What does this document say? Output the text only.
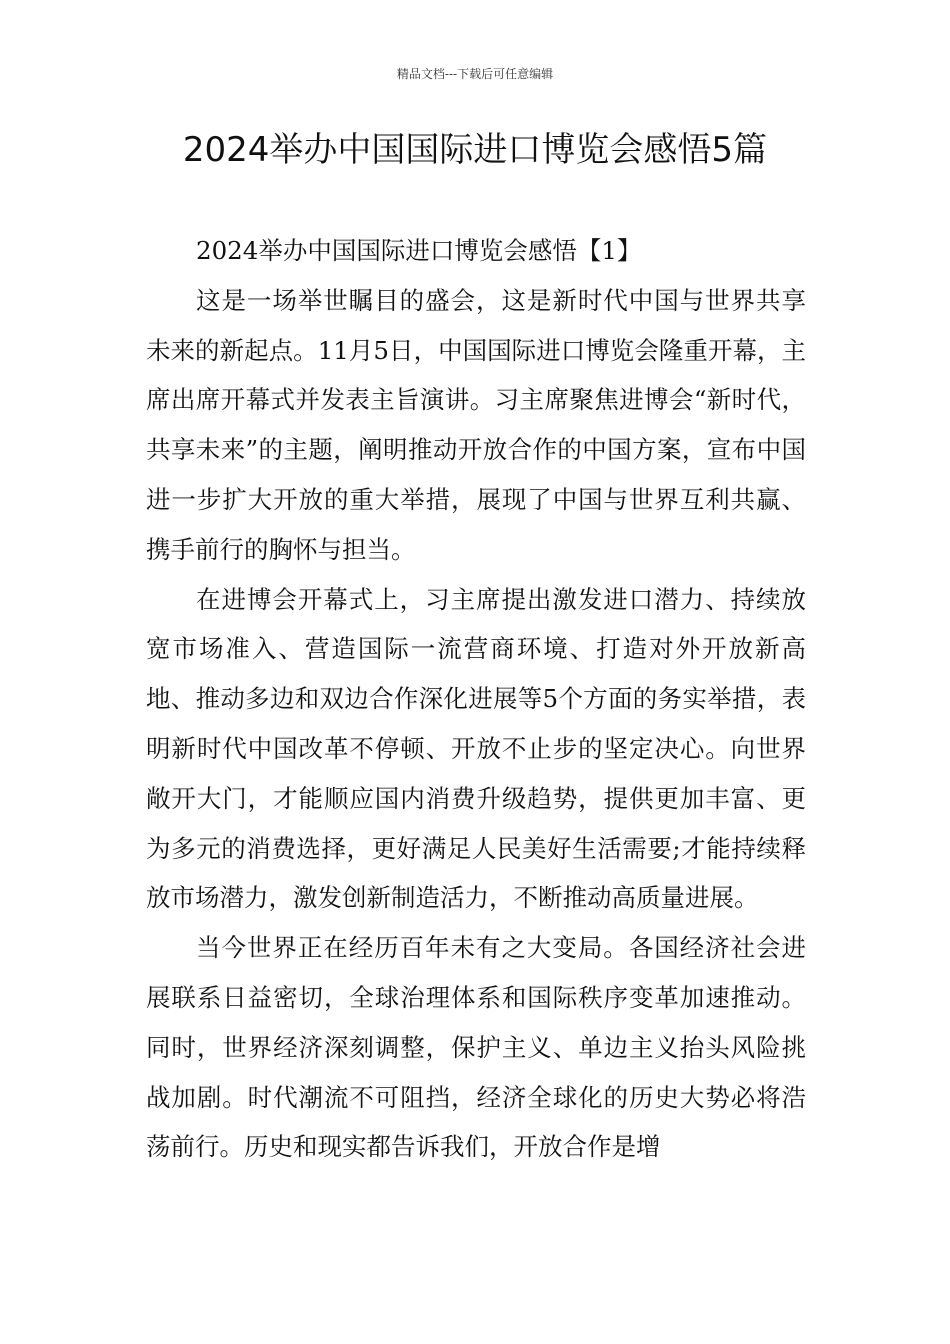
精品文档---下载后可任意编辑
2024举办中国国际进口博览会感悟5篇

2024举办中国国际进口博览会感悟【1】

这是一场举世瞩目的盛会，这是新时代中国与世界共享未来的新起点。11月5日，中国国际进口博览会隆重开幕，主席出席开幕式并发表主旨演讲。习主席聚焦进博会“新时代，共享未来”的主题，阐明推动开放合作的中国方案，宣布中国进一步扩大开放的重大举措，展现了中国与世界互利共赢、携手前行的胸怀与担当。

在进博会开幕式上，习主席提出激发进口潜力、持续放宽市场准入、营造国际一流营商环境、打造对外开放新高地、推动多边和双边合作深化进展等5个方面的务实举措，表明新时代中国改革不停顿、开放不止步的坚定决心。向世界敞开大门，才能顺应国内消费升级趋势，提供更加丰富、更为多元的消费选择，更好满足人民美好生活需要;才能持续释放市场潜力，激发创新制造活力，不断推动高质量进展。

当今世界正在经历百年未有之大变局。各国经济社会进展联系日益密切，全球治理体系和国际秩序变革加速推动。同时，世界经济深刻调整，保护主义、单边主义抬头风险挑战加剧。时代潮流不可阻挡，经济全球化的历史大势必将浩荡前行。历史和现实都告诉我们，开放合作是增
